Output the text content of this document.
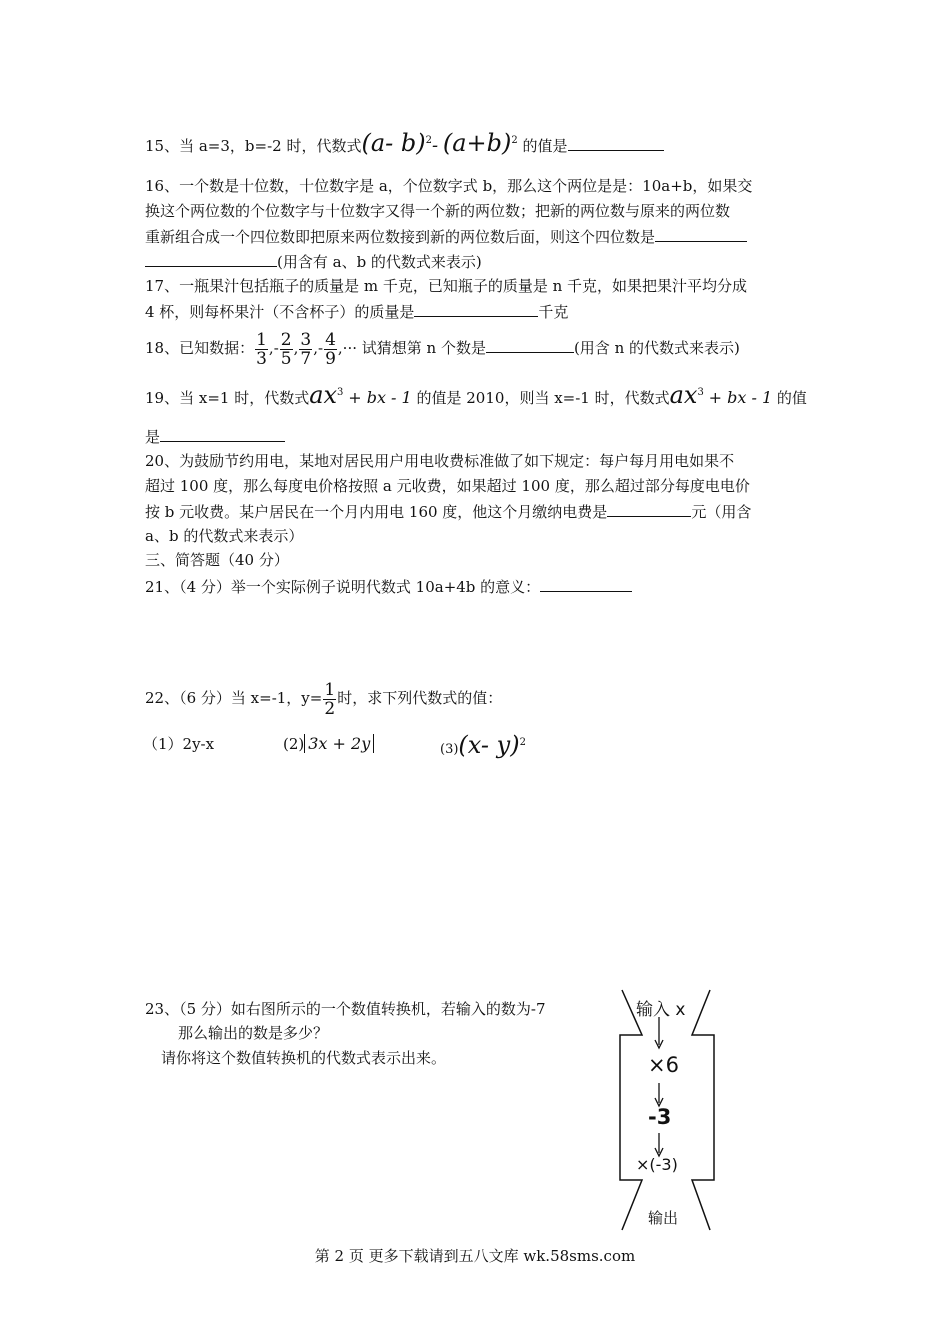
15、当 a=3，b=-2 时，代数式(a- b)$^2$- $(a+b)^2$ 的值是
16、一个数是十位数，十位数字是 a，个位数字式 b，那么这个两位是是：10a+b，如果交
换这个两位数的个位数字与十位数字又得一个新的两位数；把新的两位数与原来的两位数
重新组合成一个四位数即把原来两位数接到新的两位数后面，则这个四位数是
(用含有 a、b 的代数式来表示)
17、一瓶果汁包括瓶子的质量是 m 千克，已知瓶子的质量是 n 千克，如果把果汁平均分成
4 杯，则每杯果汁（不含杯子）的质量是	千克
18、已知数据： $\frac{1}{3}$ ,- $\frac{2}{5}$ , $\frac{3}{7}$ ,- $\frac{4}{9}$ ,··· 试猜想第 n 个数是	(用含 n 的代数式来表示)
19、当 x=1 时，代数式$ax^3$ + bx - 1 的值是 2010，则当 x=-1 时，代数式$ax^3$ + bx - 1 的值
是
20、为鼓励节约用电，某地对居民用户用电收费标准做了如下规定：每户每月用电如果不
超过 100 度，那么每度电价格按照 a 元收费，如果超过 100 度，那么超过部分每度电电价
按 b 元收费。某户居民在一个月内用电 160 度，他这个月缴纳电费是	元（用含
a、b 的代数式来表示）
三、简答题（40 分）
21、（4 分）举一个实际例子说明代数式 10a+4b 的意义：
22、（6 分）当 x=-1，$y= \frac{1}{2}$ 时，求下列代数式的值：
（1）2y-x	(2) 3x + 2y	(3)(x- y)$^2$
23、（5 分）如右图所示的一个数值转换机，若输入的数为-7
那么输出的数是多少？
请你将这个数值转换机的代数式表示出来。
输入 x
×6
-3
×(-3)
输出
第 2 页 更多下载请到五八文库 wk.58sms.com
